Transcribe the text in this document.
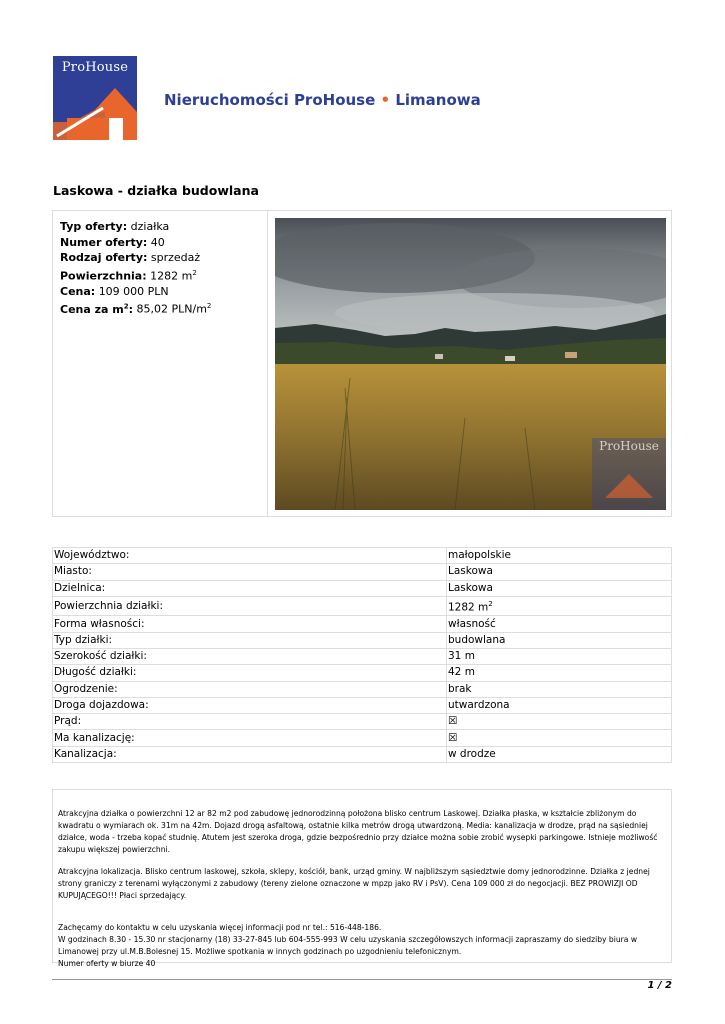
ProHouse
Nieruchomości ProHouse • Limanowa
Laskowa - działka budowlana
Typ oferty: działka
Numer oferty: 40
Rodzaj oferty: sprzedaż
Powierzchnia: 1282 $m^2$
Cena: 109 000 PLN
Cena za $m^2$: 85,02 PLN/$m^2$
ProHouse
Województwo:	małopolskie
Miasto:	Laskowa
Dzielnica:	Laskowa
Powierzchnia działki:	1282 $m^2$
Forma własności:	własność
Typ działki:	budowlana
Szerokość działki:	31 m
Długość działki:	42 m
Ogrodzenie:	brak
Droga dojazdowa:	utwardzona
Prąd:	☒
Ma kanalizację:	☒
Kanalizacja:	w drodze

Atrakcyjna działka o powierzchni 12 ar 82 m2 pod zabudowę jednorodzinną położona blisko centrum Laskowej. Działka płaska, w kształcie zbliżonym do kwadratu o wymiarach ok. 31m na 42m. Dojazd drogą asfaltową, ostatnie kilka metrów drogą utwardzoną. Media: kanalizacja w drodze, prąd na sąsiedniej działce, woda - trzeba kopać studnię. Atutem jest szeroka droga, gdzie bezpośrednio przy działce można sobie zrobić wysepki parkingowe. Istnieje możliwość zakupu większej powierzchni.

Atrakcyjna lokalizacja. Blisko centrum laskowej, szkoła, sklepy, kościół, bank, urząd gminy. W najbliższym sąsiedztwie domy jednorodzinne. Działka z jednej strony graniczy z terenami wyłączonymi z zabudowy (tereny zielone oznaczone w mpzp jako RV i PsV). Cena 109 000 zł do negocjacji. BEZ PROWIZJI OD KUPUJĄCEGO!!! Płaci sprzedający.

Zachęcamy do kontaktu w celu uzyskania więcej informacji pod nr tel.: 516-448-186.

W godzinach 8.30 - 15.30 nr stacjonarny (18) 33-27-845 lub 604-555-993 W celu uzyskania szczegółowszych informacji zapraszamy do siedziby biura w Limanowej przy ul.M.B.Bolesnej 15. Możliwe spotkania w innych godzinach po uzgodnieniu telefonicznym.

Numer oferty w biurze 40

1 / 2
